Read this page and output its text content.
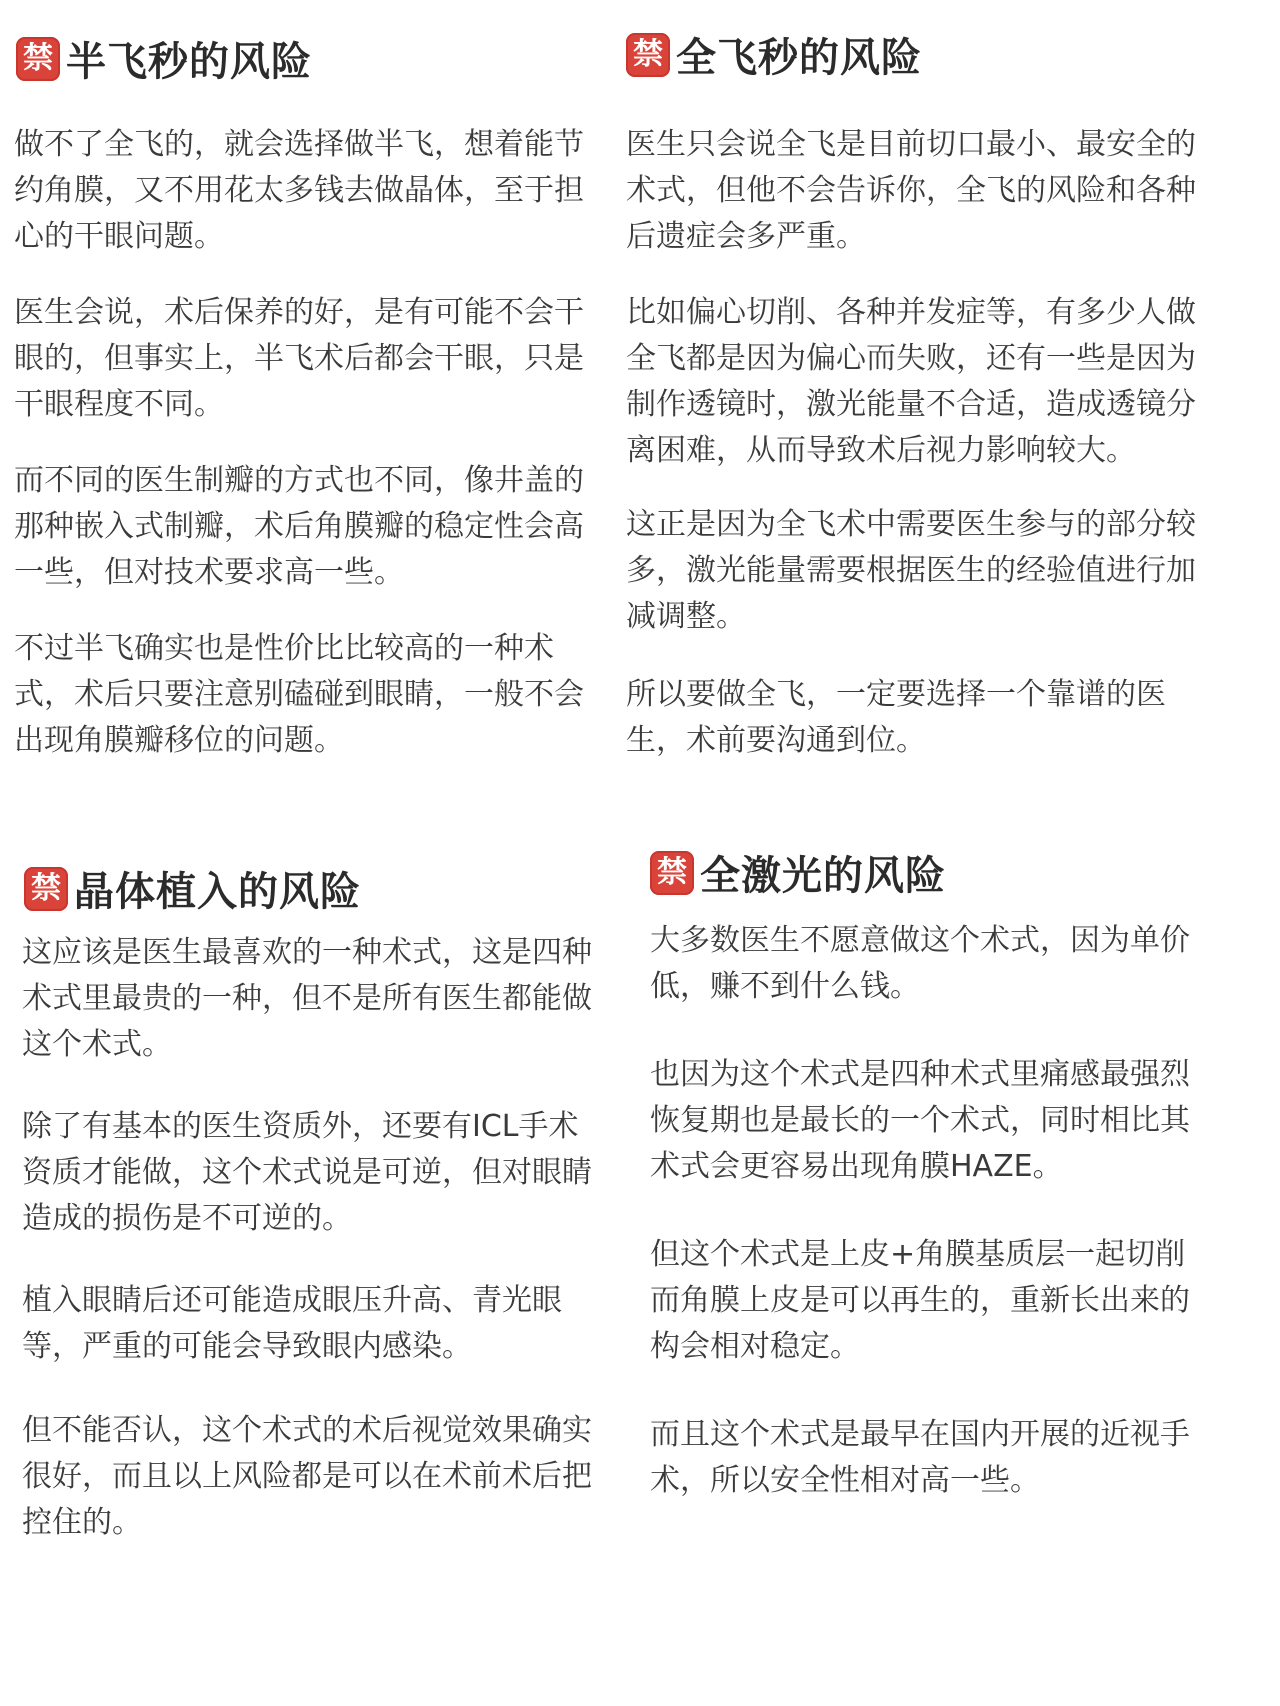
禁 半飞秒的风险

做不了全飞的，就会选择做半飞，想着能节
约角膜，又不用花太多钱去做晶体，至于担
心的干眼问题。

医生会说，术后保养的好，是有可能不会干
眼的，但事实上，半飞术后都会干眼，只是
干眼程度不同。

而不同的医生制瓣的方式也不同，像井盖的
那种嵌入式制瓣，术后角膜瓣的稳定性会高
一些，但对技术要求高一些。

不过半飞确实也是性价比比较高的一种术
式，术后只要注意别磕碰到眼睛，一般不会
出现角膜瓣移位的问题。

禁 全飞秒的风险

医生只会说全飞是目前切口最小、最安全的
术式，但他不会告诉你，全飞的风险和各种
后遗症会多严重。

比如偏心切削、各种并发症等，有多少人做
全飞都是因为偏心而失败，还有一些是因为
制作透镜时，激光能量不合适，造成透镜分
离困难，从而导致术后视力影响较大。

这正是因为全飞术中需要医生参与的部分较
多，激光能量需要根据医生的经验值进行加
减调整。

所以要做全飞，一定要选择一个靠谱的医
生，术前要沟通到位。

禁 晶体植入的风险

这应该是医生最喜欢的一种术式，这是四种
术式里最贵的一种，但不是所有医生都能做
这个术式。

除了有基本的医生资质外，还要有ICL手术
资质才能做，这个术式说是可逆，但对眼睛
造成的损伤是不可逆的。

植入眼睛后还可能造成眼压升高、青光眼
等，严重的可能会导致眼内感染。

但不能否认，这个术式的术后视觉效果确实
很好，而且以上风险都是可以在术前术后把
控住的。

禁 全激光的风险

大多数医生不愿意做这个术式，因为单价
低，赚不到什么钱。

也因为这个术式是四种术式里痛感最强烈
恢复期也是最长的一个术式，同时相比其
术式会更容易出现角膜HAZE。

但这个术式是上皮+角膜基质层一起切削
而角膜上皮是可以再生的，重新长出来的
构会相对稳定。

而且这个术式是最早在国内开展的近视手
术，所以安全性相对高一些。
